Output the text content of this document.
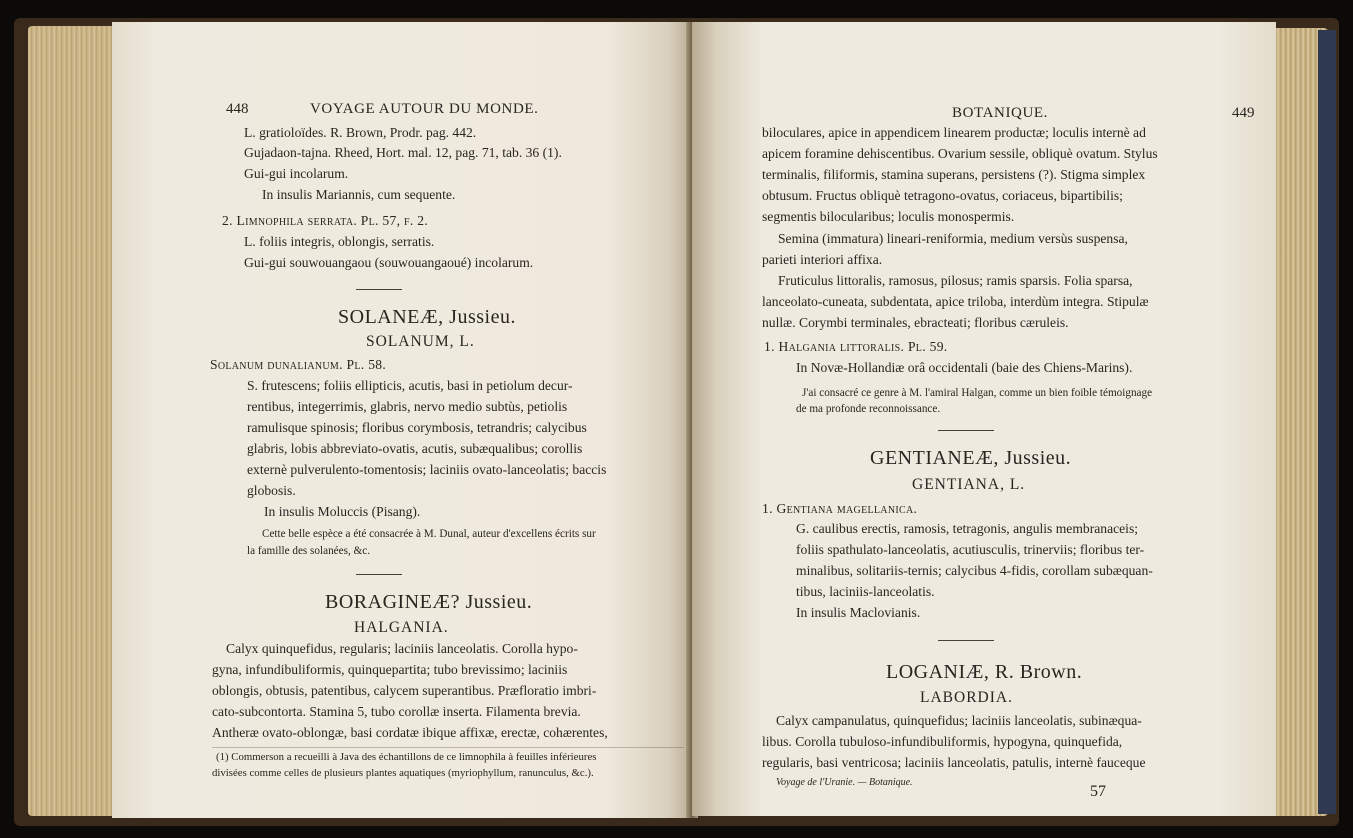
448	VOYAGE AUTOUR DU MONDE.
L. gratioloïdes. R. Brown, Prodr. pag. 442.
Gujadaon-tajna. Rheed, Hort. mal. 12, pag. 71, tab. 36 (1).
Gui-gui incolarum.
In insulis Mariannis, cum sequente.
2. Limnophila serrata. Pl. 57, f. 2.
L. foliis integris, oblongis, serratis.
Gui-gui souwouangaou (souwouangaoué) incolarum.
SOLANEÆ, Jussieu.
SOLANUM, L.
Solanum dunalianum. Pl. 58.
S. frutescens; foliis ellipticis, acutis, basi in petiolum decur-
rentibus, integerrimis, glabris, nervo medio subtùs, petiolis
ramulisque spinosis; floribus corymbosis, tetrandris; calycibus
glabris, lobis abbreviato-ovatis, acutis, subæqualibus; corollis
externè pulverulento-tomentosis; laciniis ovato-lanceolatis; baccis
globosis.
In insulis Moluccis (Pisang).
Cette belle espèce a été consacrée à M. Dunal, auteur d'excellens écrits sur
la famille des solanées, &c.
BORAGINEÆ? Jussieu.
HALGANIA.
Calyx quinquefidus, regularis; laciniis lanceolatis. Corolla hypo-
gyna, infundibuliformis, quinquepartita; tubo brevissimo; laciniis
oblongis, obtusis, patentibus, calycem superantibus. Præfloratio imbri-
cato-subcontorta. Stamina 5, tubo corollæ inserta. Filamenta brevia.
Antheræ ovato-oblongæ, basi cordatæ ibique affixæ, erectæ, cohærentes,
(1) Commerson a recueilli à Java des échantillons de ce limnophila à feuilles inférieures
divisées comme celles de plusieurs plantes aquatiques (myriophyllum, ranunculus, &c.).
BOTANIQUE.	449
biloculares, apice in appendicem linearem productæ; loculis internè ad
apicem foramine dehiscentibus. Ovarium sessile, obliquè ovatum. Stylus
terminalis, filiformis, stamina superans, persistens (?). Stigma simplex
obtusum. Fructus obliquè tetragono-ovatus, coriaceus, bipartibilis;
segmentis bilocularibus; loculis monospermis.
Semina (immatura) lineari-reniformia, medium versùs suspensa,
parieti interiori affixa.
Fruticulus littoralis, ramosus, pilosus; ramis sparsis. Folia sparsa,
lanceolato-cuneata, subdentata, apice triloba, interdùm integra. Stipulæ
nullæ. Corymbi terminales, ebracteati; floribus cæruleis.
1. Halgania littoralis. Pl. 59.
In Novæ-Hollandiæ orâ occidentali (baie des Chiens-Marins).
J'ai consacré ce genre à M. l'amiral Halgan, comme un bien foible témoignage
de ma profonde reconnoissance.
GENTIANEÆ, Jussieu.
GENTIANA, L.
1. Gentiana magellanica.
G. caulibus erectis, ramosis, tetragonis, angulis membranaceis;
foliis spathulato-lanceolatis, acutiusculis, trinerviis; floribus ter-
minalibus, solitariis-ternis; calycibus 4-fidis, corollam subæquan-
tibus, laciniis-lanceolatis.
In insulis Maclovianis.
LOGANIÆ, R. Brown.
LABORDIA.
Calyx campanulatus, quinquefidus; laciniis lanceolatis, subinæqua-
libus. Corolla tubuloso-infundibuliformis, hypogyna, quinquefida,
regularis, basi ventricosa; laciniis lanceolatis, patulis, internè fauceque
Voyage de l'Uranie. — Botanique.
57
